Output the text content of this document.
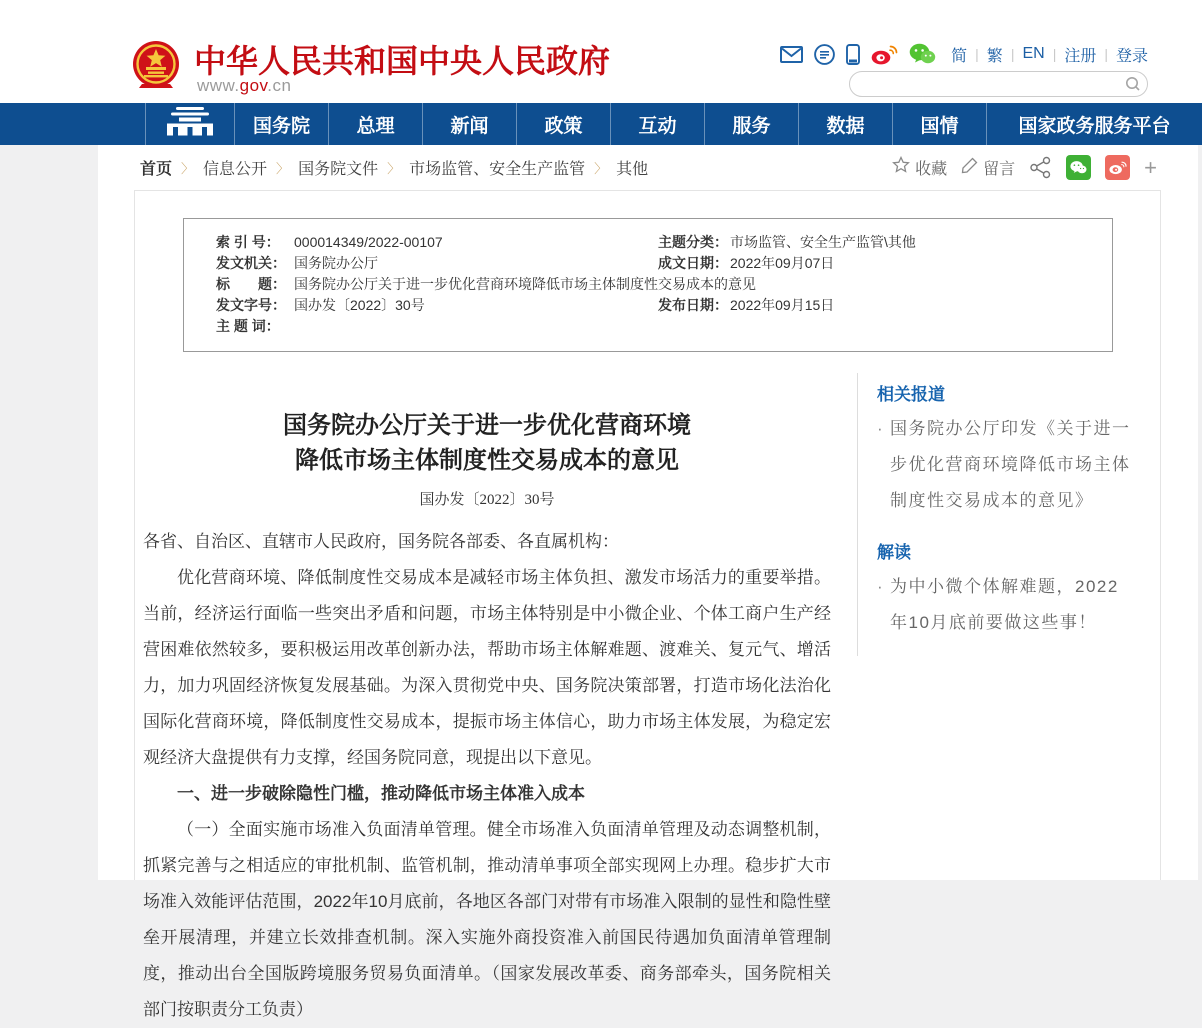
中华人民共和国中央人民政府
www.gov.cn
简 | 繁 | EN | 注册 | 登录
国务院	总理	新闻	政策	互动	服务	数据	国情	国家政务服务平台
首页 〉 信息公开 〉 国务院文件 〉 市场监管、安全生产监管 〉 其他	收藏 留言	+
索 引 号： 000014349/2022-00107	主题分类： 市场监管、安全生产监管\其他
发文机关： 国务院办公厅	成文日期： 2022年09月07日
标　　题： 国务院办公厅关于进一步优化营商环境降低市场主体制度性交易成本的意见
发文字号： 国办发〔2022〕30号	发布日期： 2022年09月15日
主 题 词：
国务院办公厅关于进一步优化营商环境
降低市场主体制度性交易成本的意见
国办发〔2022〕30号

各省、自治区、直辖市人民政府，国务院各部委、各直属机构：

优化营商环境、降低制度性交易成本是减轻市场主体负担、激发市场活力的重要举措。当前，经济运行面临一些突出矛盾和问题，市场主体特别是中小微企业、个体工商户生产经营困难依然较多，要积极运用改革创新办法，帮助市场主体解难题、渡难关、复元气、增活力，加力巩固经济恢复发展基础。为深入贯彻党中央、国务院决策部署，打造市场化法治化国际化营商环境，降低制度性交易成本，提振市场主体信心，助力市场主体发展，为稳定宏观经济大盘提供有力支撑，经国务院同意，现提出以下意见。

一、进一步破除隐性门槛，推动降低市场主体准入成本

（一）全面实施市场准入负面清单管理。健全市场准入负面清单管理及动态调整机制，抓紧完善与之相适应的审批机制、监管机制，推动清单事项全部实现网上办理。稳步扩大市场准入效能评估范围，2022年10月底前，各地区各部门对带有市场准入限制的显性和隐性壁垒开展清理，并建立长效排查机制。深入实施外商投资准入前国民待遇加负面清单管理制度，推动出台全国版跨境服务贸易负面清单。（国家发展改革委、商务部牵头，国务院相关部门按职责分工负责）

相关报道
· 国务院办公厅印发《关于进一步优化营商环境降低市场主体制度性交易成本的意见》
解读
· 为中小微个体解难题，2022年10月底前要做这些事！
